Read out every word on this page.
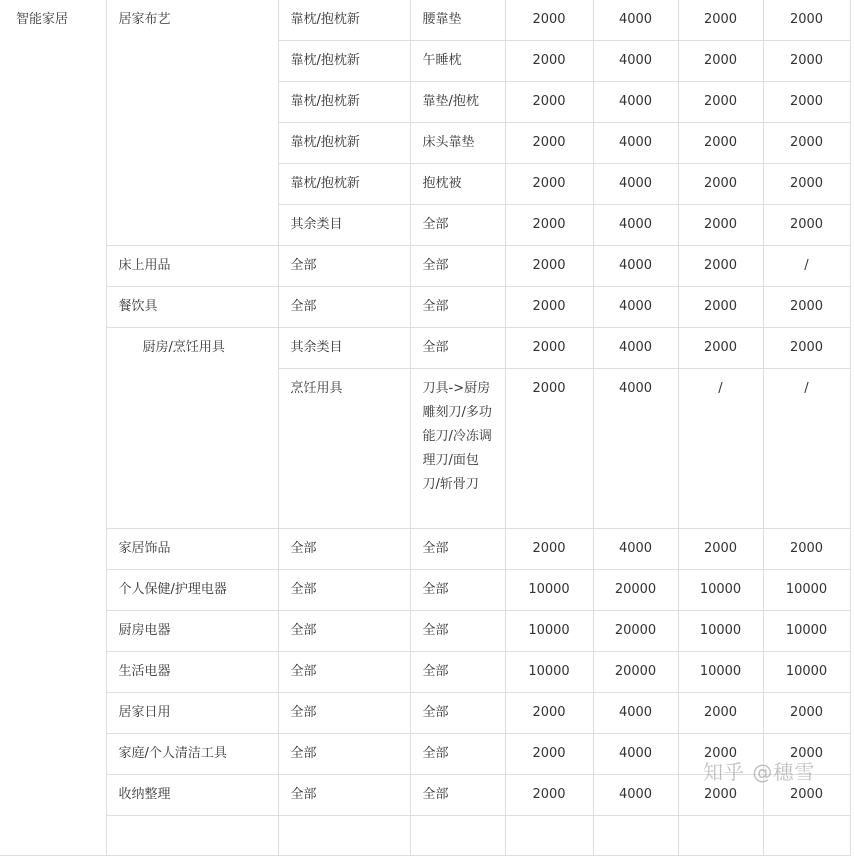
智能家居	居家布艺	靠枕/抱枕新	腰靠垫	2000	4000	2000	2000
		靠枕/抱枕新	午睡枕	2000	4000	2000	2000
		靠枕/抱枕新	靠垫/抱枕	2000	4000	2000	2000
		靠枕/抱枕新	床头靠垫	2000	4000	2000	2000
		靠枕/抱枕新	抱枕被	2000	4000	2000	2000
		其余类目	全部	2000	4000	2000	2000
	床上用品	全部	全部	2000	4000	2000	/
	餐饮具	全部	全部	2000	4000	2000	2000
	厨房/烹饪用具	其余类目	全部	2000	4000	2000	2000
		烹饪用具	刀具->厨房雕刻刀/多功能刀/冷冻调理刀/面包刀/斩骨刀	2000	4000	/	/
	家居饰品	全部	全部	2000	4000	2000	2000
	个人保健/护理电器	全部	全部	10000	20000	10000	10000
	厨房电器	全部	全部	10000	20000	10000	10000
	生活电器	全部	全部	10000	20000	10000	10000
	居家日用	全部	全部	2000	4000	2000	2000
	家庭/个人清洁工具	全部	全部	2000	4000	2000	2000
	收纳整理	全部	全部	2000	4000	2000	2000

知乎 @穗雪
